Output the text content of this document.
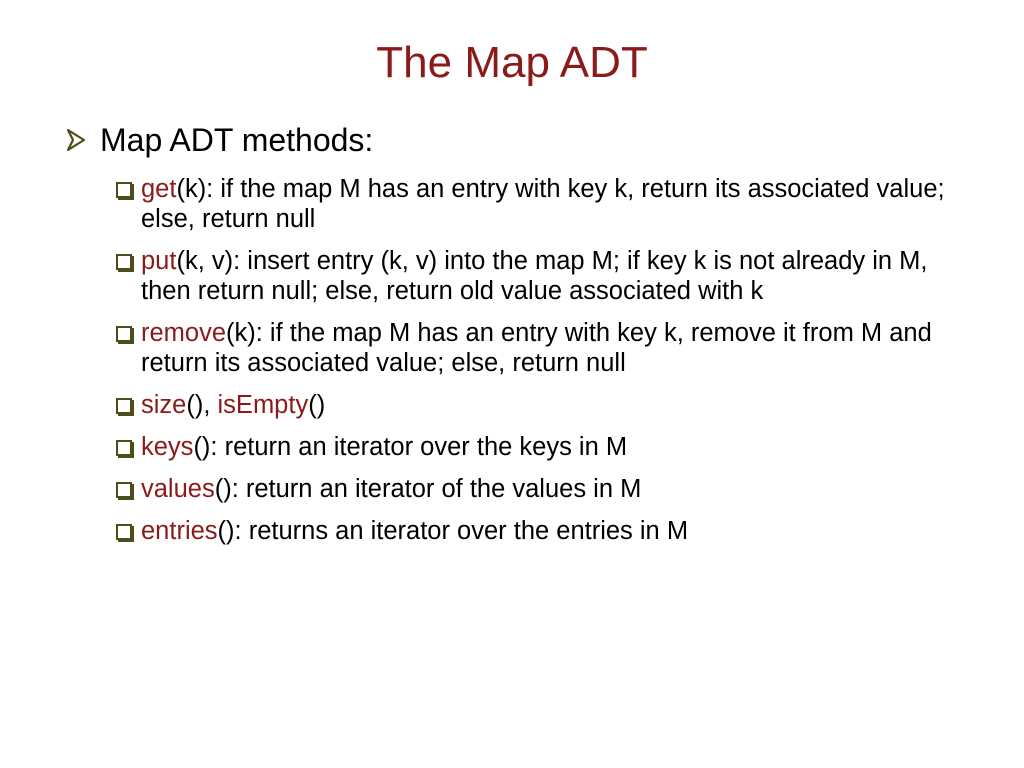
The Map ADT
Map ADT methods:
get(k): if the map M has an entry with key k, return its associated value; else, return null
put(k, v): insert entry (k, v) into the map M; if key k is not already in M, then return null; else, return old value associated with k
remove(k): if the map M has an entry with key k, remove it from M and return its associated value; else, return null
size(), isEmpty()
keys(): return an iterator over the keys in M
values(): return an iterator of the values in M
entries(): returns an iterator over the entries in M
